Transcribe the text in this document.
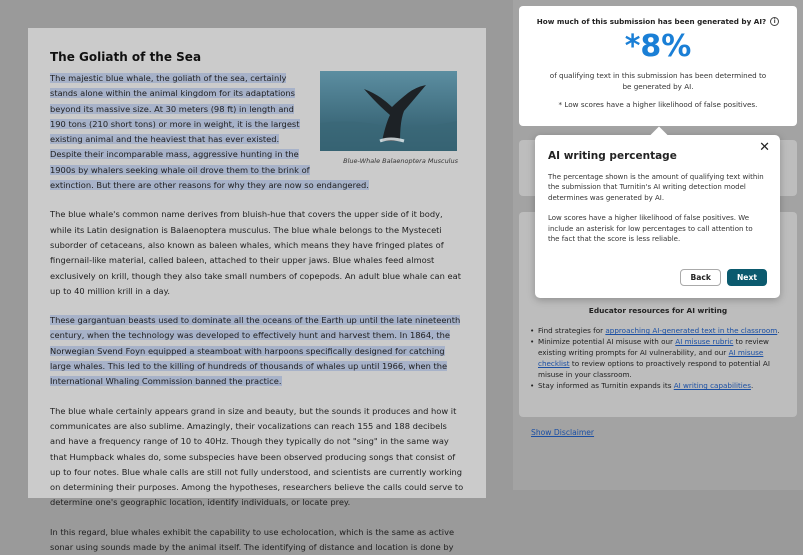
The Goliath of the Sea
Blue-Whale Balaenoptera Musculus

The majestic blue whale, the goliath of the sea, certainly stands alone within the animal kingdom for its adaptations beyond its massive size. At 30 meters (98 ft) in length and 190 tons (210 short tons) or more in weight, it is the largest existing animal and the heaviest that has ever existed. Despite their incomparable mass, aggressive hunting in the 1900s by whalers seeking whale oil drove them to the brink of extinction. But there are other reasons for why they are now so endangered.

The blue whale's common name derives from bluish-hue that covers the upper side of it body, while its Latin designation is Balaenoptera musculus. The blue whale belongs to the Mysteceti suborder of cetaceans, also known as baleen whales, which means they have fringed plates of fingernail-like material, called baleen, attached to their upper jaws. Blue whales feed almost exclusively on krill, though they also take small numbers of copepods. An adult blue whale can eat up to 40 million krill in a day.

These gargantuan beasts used to dominate all the oceans of the Earth up until the late nineteenth century, when the technology was developed to effectively hunt and harvest them. In 1864, the Norwegian Svend Foyn equipped a steamboat with harpoons specifically designed for catching large whales. This led to the killing of hundreds of thousands of whales up until 1966, when the International Whaling Commission banned the practice.

The blue whale certainly appears grand in size and beauty, but the sounds it produces and how it communicates are also sublime. Amazingly, their vocalizations can reach 155 and 188 decibels and have a frequency range of 10 to 40Hz. Though they typically do not "sing" in the same way that Humpback whales do, some subspecies have been observed producing songs that consist of up to four notes. Blue whale calls are still not fully understood, and scientists are currently working on determining their purposes. Among the hypotheses, researchers believe the calls could serve to determine one's geographic location, identify individuals, or locate prey.

In this regard, blue whales exhibit the capability to use echolocation, which is the same as active sonar using sounds made by the animal itself. The identifying of distance and location is done by

How much of this submission has been generated by AI?	i
*8%
of qualifying text in this submission has been determined to be generated by AI.
* Low scores have a higher likelihood of false positives.
Educator resources for AI writing
• Find strategies for approaching AI-generated text in the classroom.
• Minimize potential AI misuse with our AI misuse rubric to review existing writing prompts for AI vulnerability, and our AI misuse checklist to review options to proactively respond to potential AI misuse in your classroom.
• Stay informed as Turnitin expands its AI writing capabilities.
Show Disclaimer
✕
AI writing percentage

The percentage shown is the amount of qualifying text within the submission that Turnitin's AI writing detection model determines was generated by AI.

Low scores have a higher likelihood of false positives. We include an asterisk for low percentages to call attention to the fact that the score is less reliable.

Back	Next
